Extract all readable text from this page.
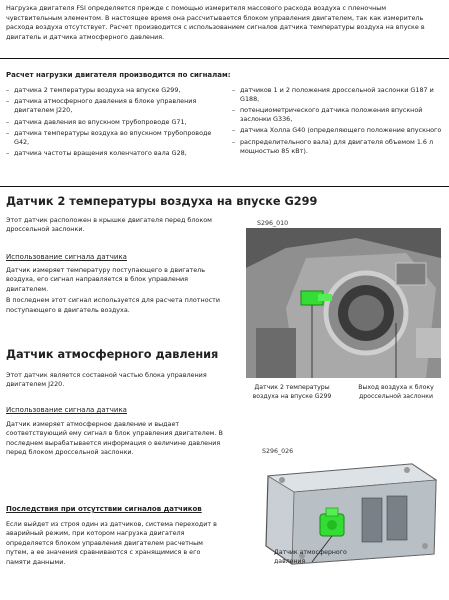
Нагрузка двигателя FSI определяется прежде с помощью измерителя массового расхода воздуха с пленочным чувствительным элементом. В настоящее время она рассчитывается блоком управления двигателем, так как измеритель расхода воздуха отсутствует. Расчет производится с использованием сигналов датчика температуры воздуха на впуске в двигатель и датчика атмосферного давления.
Расчет нагрузки двигателя производится по сигналам:
– датчика 2 температуры воздуха на впуске G299,
– датчика атмосферного давления в блоке управления двигателем J220,
– датчика давления во впускном трубопроводе G71,
– датчика температуры воздуха во впускном трубопроводе G42,
– датчика частоты вращения коленчатого вала G28,
– датчиков 1 и 2 положения дроссельной заслонки G187 и G188,
– потенциометрического датчика положения впускной заслонки G336,
– датчика Холла G40 (определяющего положение впускного
– распределительного вала) для двигателя объемом 1.6 л мощностью 85 кВт).
Датчик 2 температуры воздуха на впуске G299
Этот датчик расположен в крышке двигателя перед блоком дроссельной заслонки.
Использование сигнала датчика

Датчик измеряет температуру поступающего в двигатель воздуха, его сигнал направляется в блок управления двигателем.

В последнем этот сигнал используется для расчета плотности поступающего в двигатель воздуха.

S296_010
Датчик 2 температуры воздуха на впуске G299
Выход воздуха к блоку дроссельной заслонки
Датчик атмосферного давления
Этот датчик является составной частью блока управления двигателем J220.
Использование сигнала датчика
Датчик измеряет атмосферное давление и выдает соответствующий ему сигнал в блок управления двигателем. В последнем вырабатывается информация о величине давления перед блоком дроссельной заслонки.	S296_026
Датчик атмосферного давления
Последствия при отсутствии сигналов датчиков
Если выйдет из строя один из датчиков, система переходит в аварийный режим, при котором нагрузка двигателя определяется блоком управления двигателем расчетным путем, а ее значения сравниваются с хранящимися в его памяти данными.
